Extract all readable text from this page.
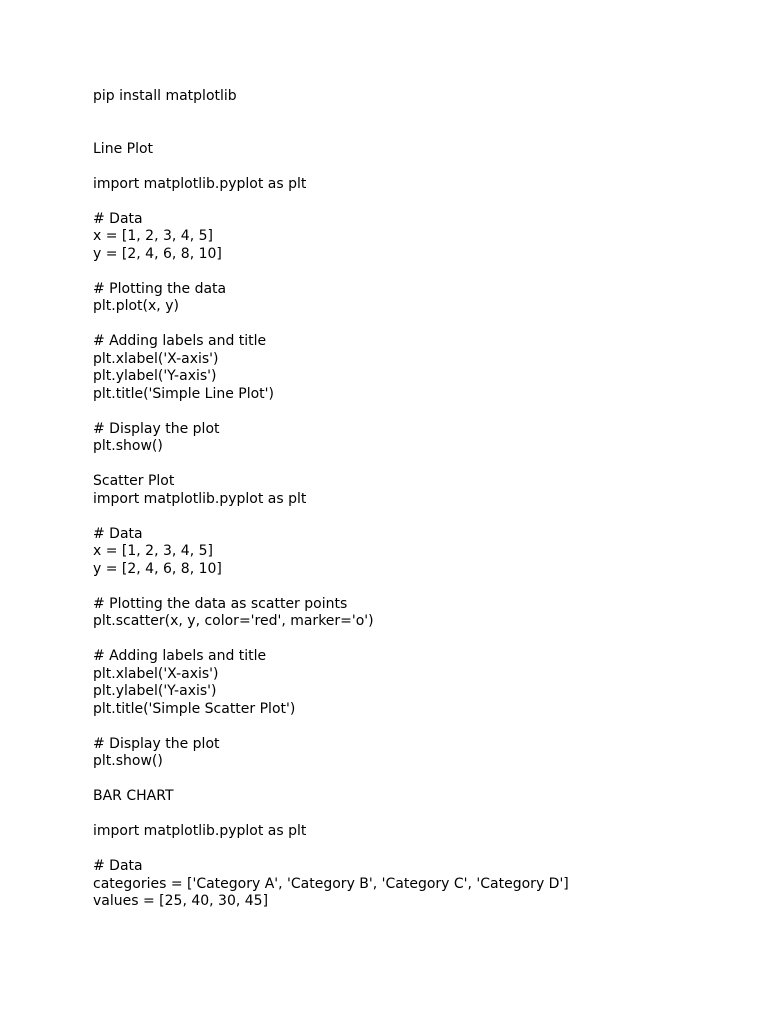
pip install matplotlib
Line Plot
import matplotlib.pyplot as plt
# Data
x = [1, 2, 3, 4, 5]
y = [2, 4, 6, 8, 10]
# Plotting the data
plt.plot(x, y)
# Adding labels and title
plt.xlabel('X-axis')
plt.ylabel('Y-axis')
plt.title('Simple Line Plot')
# Display the plot
plt.show()
Scatter Plot
import matplotlib.pyplot as plt
# Data
x = [1, 2, 3, 4, 5]
y = [2, 4, 6, 8, 10]
# Plotting the data as scatter points
plt.scatter(x, y, color='red', marker='o')
# Adding labels and title
plt.xlabel('X-axis')
plt.ylabel('Y-axis')
plt.title('Simple Scatter Plot')
# Display the plot
plt.show()
BAR CHART
import matplotlib.pyplot as plt
# Data
categories = ['Category A', 'Category B', 'Category C', 'Category D']
values = [25, 40, 30, 45]
